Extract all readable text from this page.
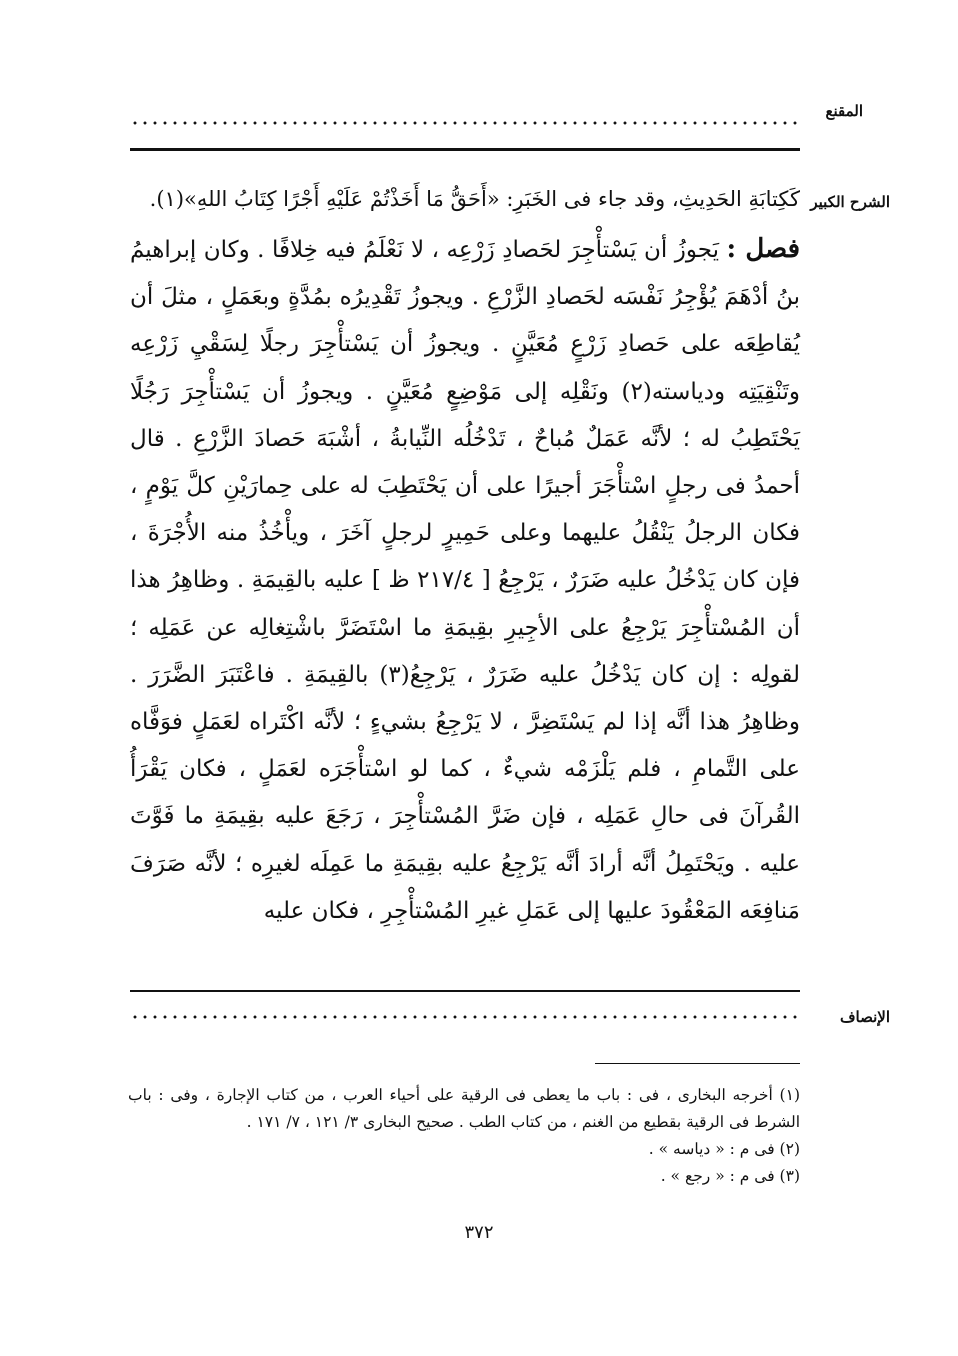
المقنع
الشرح الكبير

كَكِتابَةِ الحَدِيثِ، وقد جاء فى الخَبَرِ: «أَحَقُّ مَا أَخَذْتُمْ عَلَيْهِ أَجْرًا كِتَابُ اللهِ»(١).

فصل : يَجوزُ أن يَسْتأْجِرَ لحَصادِ زَرْعِه ، لا نَعْلَمُ فيه خِلافًا . وكان إبراهيمُ بنُ أدْهَمَ يُؤْجِرُ نَفْسَه لحَصادِ الزَّرْعِ . ويجوزُ تَقْدِيرُه بمُدَّةٍ وبعَمَلٍ ، مثلَ أن يُقاطِعَه على حَصادِ زَرْعٍ مُعَيَّنٍ . ويجوزُ أن يَسْتأْجِرَ رجلًا لِسَقْيِ زَرْعِه وتَنْقِيَتِه ودياسته(٢) ونَقْلِه إلى مَوْضِعٍ مُعَيَّنٍ . ويجوزُ أن يَسْتأْجِرَ رَجُلًا يَحْتَطِبُ له ؛ لأنَّه عَمَلٌ مُباحٌ ، تَدْخُلُه النِّيابةُ ، أشْبَهَ حَصادَ الزَّرْعِ . قال أحمدُ فى رجلٍ اسْتأْجَرَ أجيرًا على أن يَحْتَطِبَ له على حِمارَيْنِ كلَّ يَوْمٍ ، فكان الرجلُ يَنْقُلُ عليهما وعلى حَمِيرٍ لرجلٍ آخَرَ ، ويأْخُذُ منه الأُجْرَةَ ، فإن كان يَدْخُلُ عليه ضَرَرٌ ، يَرْجِعُ [ ٢١٧/٤ ظ ] عليه بالقِيمَةِ . وظاهِرُ هذا أن المُسْتأْجِرَ يَرْجِعُ على الأجِيرِ بقِيمَةِ ما اسْتَضَرَّ باشْتِغالِه عن عَمَلِه ؛ لقولِه : إن كان يَدْخُلُ عليه ضَرَرٌ ، يَرْجِعُ(٣) بالقِيمَةِ . فاعْتَبَرَ الضَّرَرَ . وظاهِرُ هذا أنَّه إذا لم يَسْتَضِرَّ ، لا يَرْجِعُ بشيءٍ ؛ لأنَّه اكْتَراه لعَمَلٍ فوَفَّاه على التَّمامِ ، فلم يَلْزَمْه شيءٌ ، كما لو اسْتأْجَرَه لعَمَلٍ ، فكان يَقْرَأُ القُرآنَ فى حالِ عَمَلِه ، فإن ضَرَّ المُسْتأْجِرَ ، رَجَعَ عليه بقِيمَةِ ما فَوَّتَ عليه . ويَحْتَمِلُ أنَّه أرادَ أنَّه يَرْجِعُ عليه بقِيمَةِ ما عَمِلَه لغيرِه ؛ لأنَّه صَرَفَ مَنافِعَه المَعْقُودَ عليها إلى عَمَلِ غيرِ المُسْتأْجِرِ ، فكان عليه

الإنصاف

(١) أخرجه البخارى ، فى : باب ما يعطى فى الرقية على أحياء العرب ، من كتاب الإجارة ، وفى : باب الشرط فى الرقية بقطيع من الغنم ، من كتاب الطب . صحيح البخارى ٣/ ١٢١ ، ٧/ ١٧١ .

(٢) فى م : « دياسه » .

(٣) فى م : « رجع » .

٣٧٢
